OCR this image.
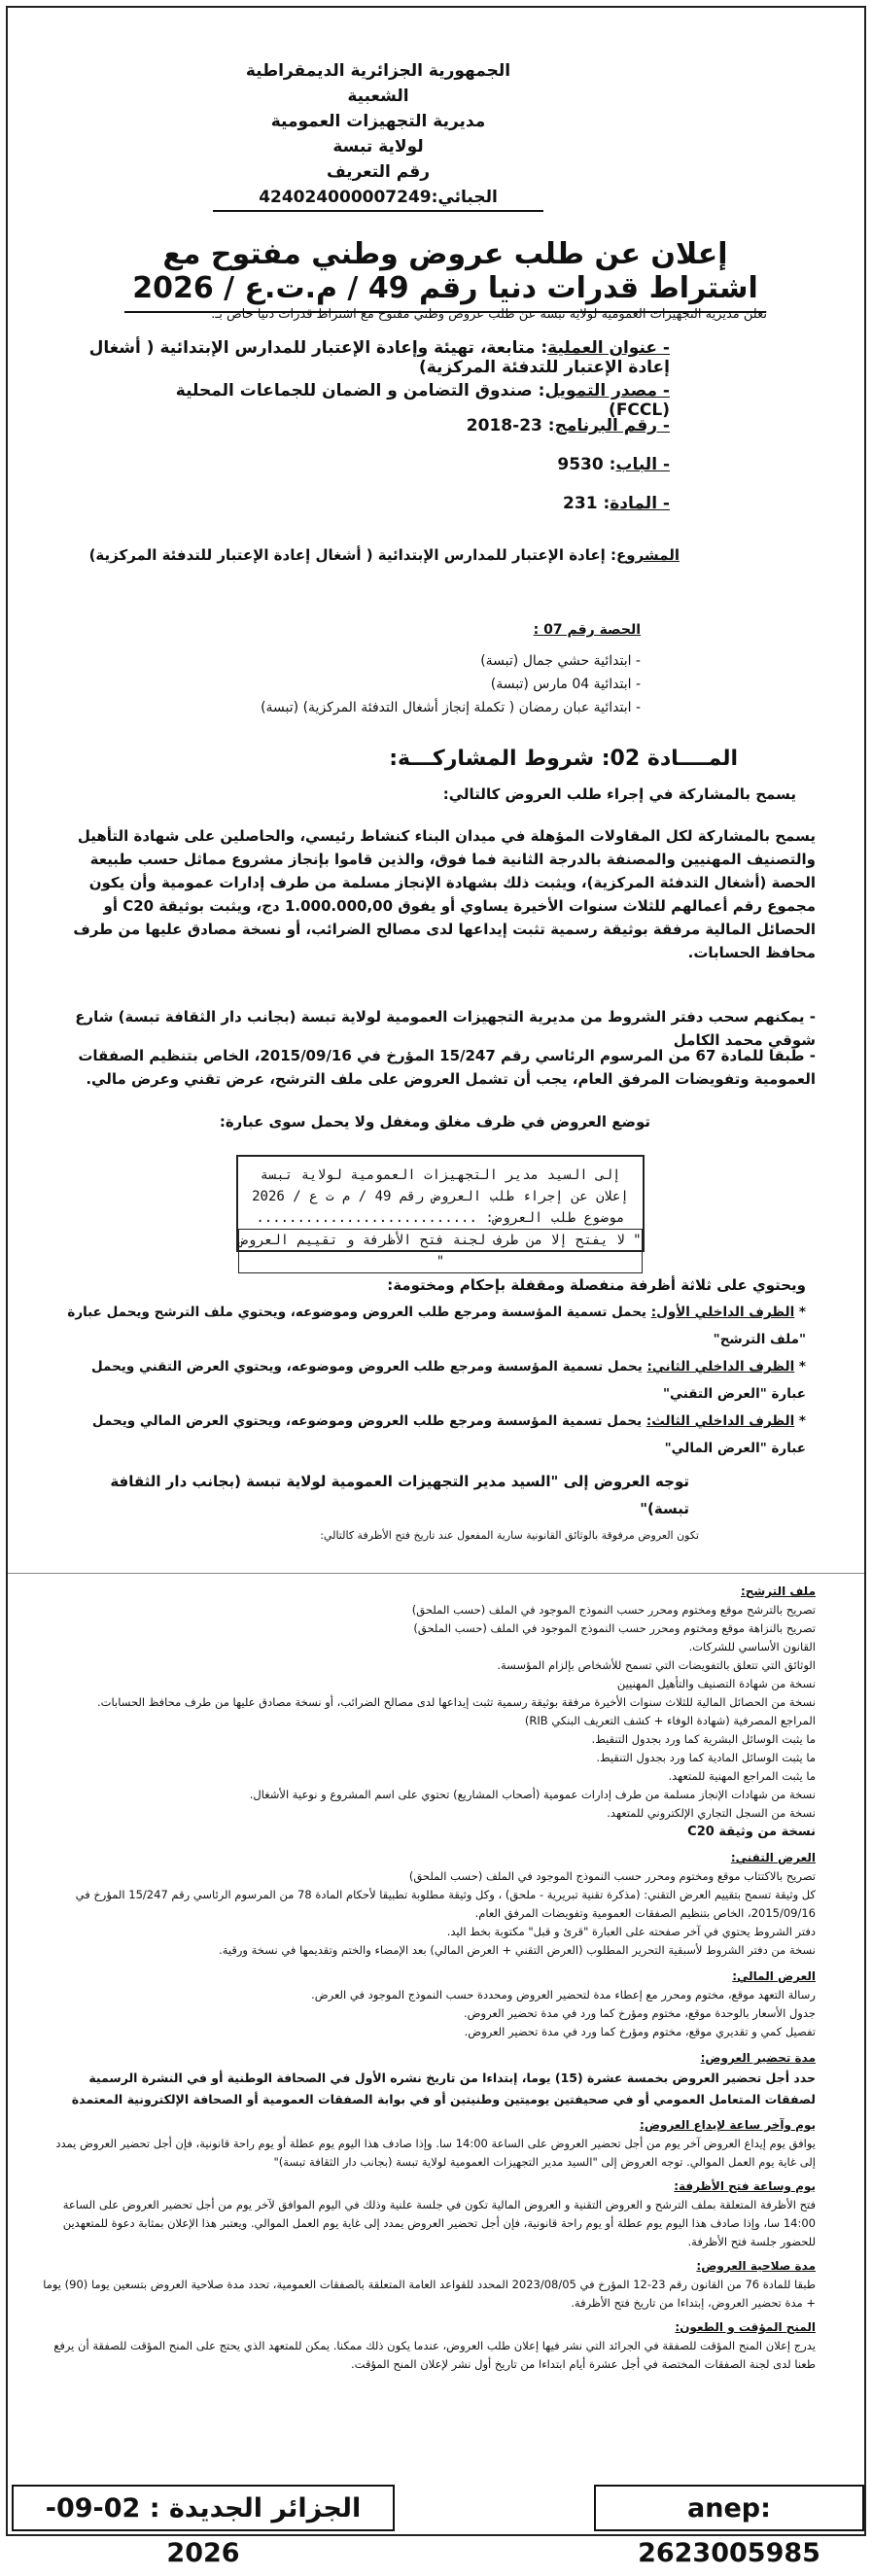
الجمهورية الجزائرية الديمقراطية الشعبية
مديرية التجهيزات العمومية
لولاية تبسة
رقم التعريف الجبائي:424024000007249
إعلان عن طلب عروض وطني مفتوح مع اشتراط قدرات دنيا رقم 49 / م.ت.ع / 2026
تعلن مديرية التجهيزات العمومية لولاية تبسة عن طلب عروض وطني مفتوح مع اشتراط قدرات دنيا خاص بـ:
- عنوان العملية: متابعة، تهيئة وإعادة الإعتبار للمدارس الإبتدائية ( أشغال إعادة الإعتبار للتدفئة المركزية)
- مصدر التمويل: صندوق التضامن و الضمان للجماعات المحلية (FCCL)
- رقم البرنامج: 23-2018
- الباب: 9530
- المادة: 231
المشروع: إعادة الإعتبار للمدارس الإبتدائية ( أشغال إعادة الإعتبار للتدفئة المركزية)
الحصة رقم 07 :
- ابتدائية حشي جمال (تبسة)
- ابتدائية 04 مارس (تبسة)
- ابتدائية عبان رمضان ( تكملة إنجاز أشغال التدفئة المركزية) (تبسة)
المــــادة 02: شروط المشاركـــة:
يسمح بالمشاركة في إجراء طلب العروض كالتالي:
يسمح بالمشاركة لكل المقاولات المؤهلة في ميدان البناء كنشاط رئيسي، والحاصلين على شهادة التأهيل والتصنيف المهنيين والمصنفة بالدرجة الثانية فما فوق، والذين قاموا بإنجاز مشروع مماثل حسب طبيعة الحصة (أشغال التدفئة المركزية)، ويثبت ذلك بشهادة الإنجاز مسلمة من طرف إدارات عمومية وأن يكون مجموع رقم أعمالهم للثلاث سنوات الأخيرة يساوي أو يفوق 1.000.000,00 دج، ويثبت بوثيقة C20 أو الحصائل المالية مرفقة بوثيقة رسمية تثبت إيداعها لدى مصالح الضرائب، أو نسخة مصادق عليها من طرف محافظ الحسابات.
- يمكنهم سحب دفتر الشروط من مديرية التجهيزات العمومية لولاية تبسة (بجانب دار الثقافة تبسة) شارع شوقي محمد الكامل
- طبقا للمادة 67 من المرسوم الرئاسي رقم 15/247 المؤرخ في 2015/09/16، الخاص بتنظيم الصفقات العمومية وتفويضات المرفق العام، يجب أن تشمل العروض على ملف الترشح، عرض تقني وعرض مالي.
توضع العروض في ظرف مغلق ومغفل ولا يحمل سوى عبارة:
إلى السيد مدير التجهيزات العمومية لولاية تبسة
إعلان عن إجراء طلب العروض رقم 49 / م ت ع / 2026
موضوع طلب العروض: ...........................
" لا يفتح إلا من طرف لجنة فتح الأظرفة و تقييم العروض "
ويحتوي على ثلاثة أظرفة منفصلة ومقفلة بإحكام ومختومة:
* الظرف الداخلي الأول: يحمل تسمية المؤسسة ومرجع طلب العروض وموضوعه، ويحتوي ملف الترشح ويحمل عبارة "ملف الترشح"
* الظرف الداخلي الثاني: يحمل تسمية المؤسسة ومرجع طلب العروض وموضوعه، ويحتوي العرض التقني ويحمل عبارة "العرض التقني"
* الظرف الداخلي الثالث: يحمل تسمية المؤسسة ومرجع طلب العروض وموضوعه، ويحتوي العرض المالي ويحمل عبارة "العرض المالي"
توجه العروض إلى "السيد مدير التجهيزات العمومية لولاية تبسة (بجانب دار الثقافة تبسة)"
تكون العروض مرفوقة بالوثائق القانونية سارية المفعول عند تاريخ فتح الأظرفة كالتالي:
ملف الترشح:
تصريح بالترشح موقع ومختوم ومحرر حسب النموذج الموجود في الملف (حسب الملحق)
تصريح بالنزاهة موقع ومختوم ومحرر حسب النموذج الموجود في الملف (حسب الملحق)
القانون الأساسي للشركات.
الوثائق التي تتعلق بالتفويضات التي تسمح للأشخاص بإلزام المؤسسة.
نسخة من شهادة التصنيف والتأهيل المهنيين
نسخة من الحصائل المالية للثلاث سنوات الأخيرة مرفقة بوثيقة رسمية تثبت إيداعها لدى مصالح الضرائب، أو نسخة مصادق عليها من طرف محافظ الحسابات.
المراجع المصرفية (شهادة الوفاء + كشف التعريف البنكي RIB)
ما يثبت الوسائل البشرية كما ورد بجدول التنقيط.
ما يثبت الوسائل المادية كما ورد بجدول التنقيط.
ما يثبت المراجع المهنية للمتعهد.
نسخة من شهادات الإنجاز مسلمة من طرف إدارات عمومية (أصحاب المشاريع) تحتوي على اسم المشروع و نوعية الأشغال.
نسخة من السجل التجاري الإلكتروني للمتعهد.
نسخة من وثيقة C20
العرض التقني:
تصريح بالاكتتاب موقع ومختوم ومحرر حسب النموذج الموجود في الملف (حسب الملحق)
كل وثيقة تسمح بتقييم العرض التقني: (مذكرة تقنية تبريرية - ملحق) ، وكل وثيقة مطلوبة تطبيقا لأحكام المادة 78 من المرسوم الرئاسي رقم 15/247 المؤرخ في 2015/09/16، الخاص بتنظيم الصفقات العمومية وتفويضات المرفق العام.
دفتر الشروط يحتوي في آخر صفحته على العبارة "قرئ و قبل" مكتوبة بخط اليد.
نسخة من دفتر الشروط لأسبقية التحرير المطلوب (العرض التقني + العرض المالي) بعد الإمضاء والختم وتقديمها في نسخة ورقية.
العرض المالي:
رسالة التعهد موقع، مختوم ومحرر مع إعطاء مدة لتحضير العروض ومحددة حسب النموذج الموجود في العرض.
جدول الأسعار بالوحدة موقع، مختوم ومؤرخ كما ورد في مدة تحضير العروض.
تفصيل كمي و تقديري موقع، مختوم ومؤرخ كما ورد في مدة تحضير العروض.
مدة تحضير العروض:
حدد أجل تحضير العروض بخمسة عشرة (15) يوما، إبتداءا من تاريخ نشره الأول في الصحافة الوطنية أو في النشرة الرسمية لصفقات المتعامل العمومي أو في صحيفتين يوميتين وطنيتين أو في بوابة الصفقات العمومية أو الصحافة الإلكترونية المعتمدة
يوم وآخر ساعة لإيداع العروض:
يوافق يوم إيداع العروض آخر يوم من أجل تحضير العروض على الساعة 14:00 سا. وإذا صادف هذا اليوم يوم عطلة أو يوم راحة قانونية، فإن أجل تحضير العروض يمدد إلى غاية يوم العمل الموالي. توجه العروض إلى "السيد مدير التجهيزات العمومية لولاية تبسة (بجانب دار الثقافة تبسة)"
يوم وساعة فتح الأظرفة:
فتح الأظرفة المتعلقة بملف الترشح و العروض التقنية و العروض المالية تكون في جلسة علنية وذلك في اليوم الموافق لآخر يوم من أجل تحضير العروض على الساعة 14:00 سا، وإذا صادف هذا اليوم يوم عطلة أو يوم راحة قانونية، فإن أجل تحضير العروض يمدد إلى غاية يوم العمل الموالي. ويعتبر هذا الإعلان بمثابة دعوة للمتعهدين للحضور جلسة فتح الأظرفة.
مدة صلاحية العروض:
طبقا للمادة 76 من القانون رقم 23-12 المؤرخ في 2023/08/05 المحدد للقواعد العامة المتعلقة بالصفقات العمومية، تحدد مدة صلاحية العروض بتسعين يوما (90) يوما + مدة تحضير العروض، إبتداءا من تاريخ فتح الأظرفة.
المنح المؤقت و الطعون:
يدرج إعلان المنح المؤقت للصفقة في الجرائد التي نشر فيها إعلان طلب العروض، عندما يكون ذلك ممكنا. يمكن للمتعهد الذي يحتج على المنح المؤقت للصفقة أن يرفع طعنا لدى لجنة الصفقات المختصة في أجل عشرة أيام ابتداءا من تاريخ أول نشر لإعلان المنح المؤقت.
الجزائر الجديدة : 02-09-2026
anep: 2623005985
